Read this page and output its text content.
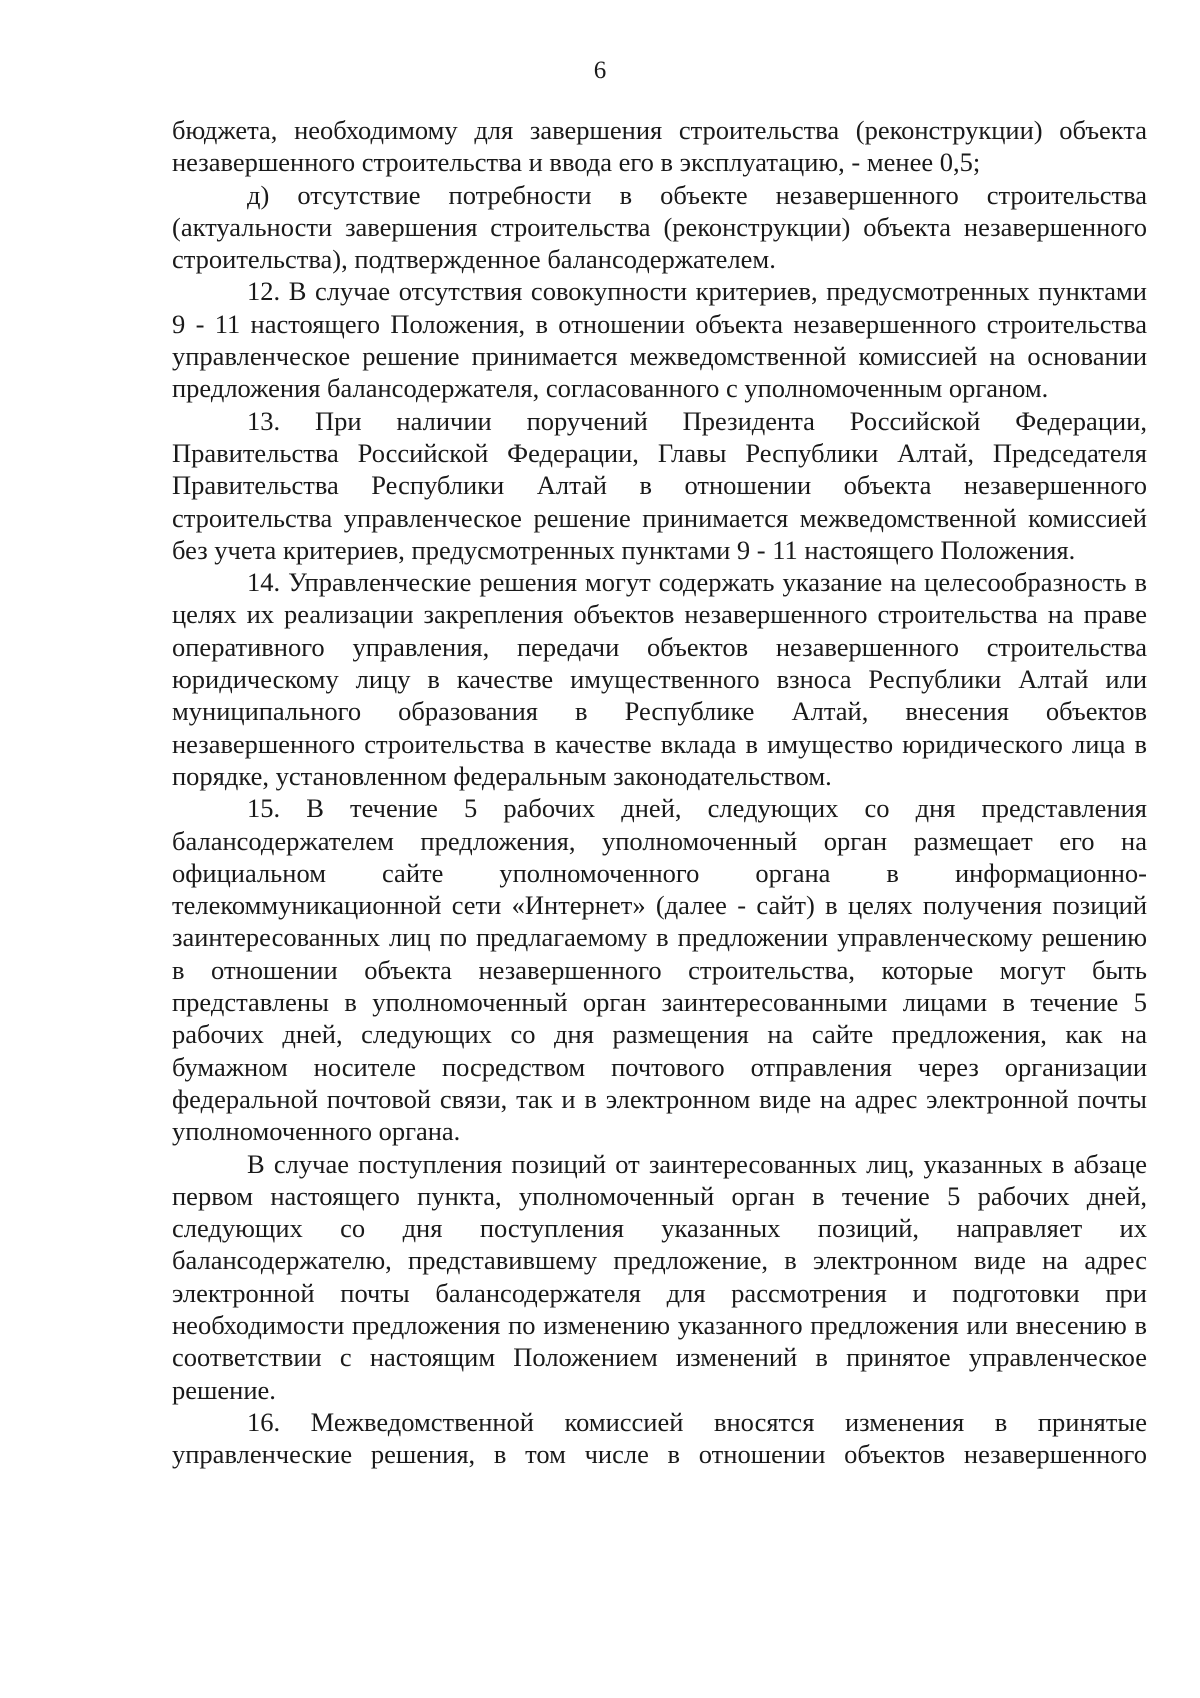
6

бюджета, необходимому для завершения строительства (реконструкции) объекта незавершенного строительства и ввода его в эксплуатацию, - менее 0,5;

д) отсутствие потребности в объекте незавершенного строительства (актуальности завершения строительства (реконструкции) объекта незавершенного строительства), подтвержденное балансодержателем.

12. В случае отсутствия совокупности критериев, предусмотренных пунктами 9 - 11 настоящего Положения, в отношении объекта незавершенного строительства управленческое решение принимается межведомственной комиссией на основании предложения балансодержателя, согласованного с уполномоченным органом.

13. При наличии поручений Президента Российской Федерации, Правительства Российской Федерации, Главы Республики Алтай, Председателя Правительства Республики Алтай в отношении объекта незавершенного строительства управленческое решение принимается межведомственной комиссией без учета критериев, предусмотренных пунктами 9 - 11 настоящего Положения.

14. Управленческие решения могут содержать указание на целесообразность в целях их реализации закрепления объектов незавершенного строительства на праве оперативного управления, передачи объектов незавершенного строительства юридическому лицу в качестве имущественного взноса Республики Алтай или муниципального образования в Республике Алтай, внесения объектов незавершенного строительства в качестве вклада в имущество юридического лица в порядке, установленном федеральным законодательством.

15. В течение 5 рабочих дней, следующих со дня представления балансодержателем предложения, уполномоченный орган размещает его на официальном сайте уполномоченного органа в информационно-телекоммуникационной сети «Интернет» (далее - сайт) в целях получения позиций заинтересованных лиц по предлагаемому в предложении управленческому решению в отношении объекта незавершенного строительства, которые могут быть представлены в уполномоченный орган заинтересованными лицами в течение 5 рабочих дней, следующих со дня размещения на сайте предложения, как на бумажном носителе посредством почтового отправления через организации федеральной почтовой связи, так и в электронном виде на адрес электронной почты уполномоченного органа.

В случае поступления позиций от заинтересованных лиц, указанных в абзаце первом настоящего пункта, уполномоченный орган в течение 5 рабочих дней, следующих со дня поступления указанных позиций, направляет их балансодержателю, представившему предложение, в электронном виде на адрес электронной почты балансодержателя для рассмотрения и подготовки при необходимости предложения по изменению указанного предложения или внесению в соответствии с настоящим Положением изменений в принятое управленческое решение.

16. Межведомственной комиссией вносятся изменения в принятые управленческие решения, в том числе в отношении объектов незавершенного
